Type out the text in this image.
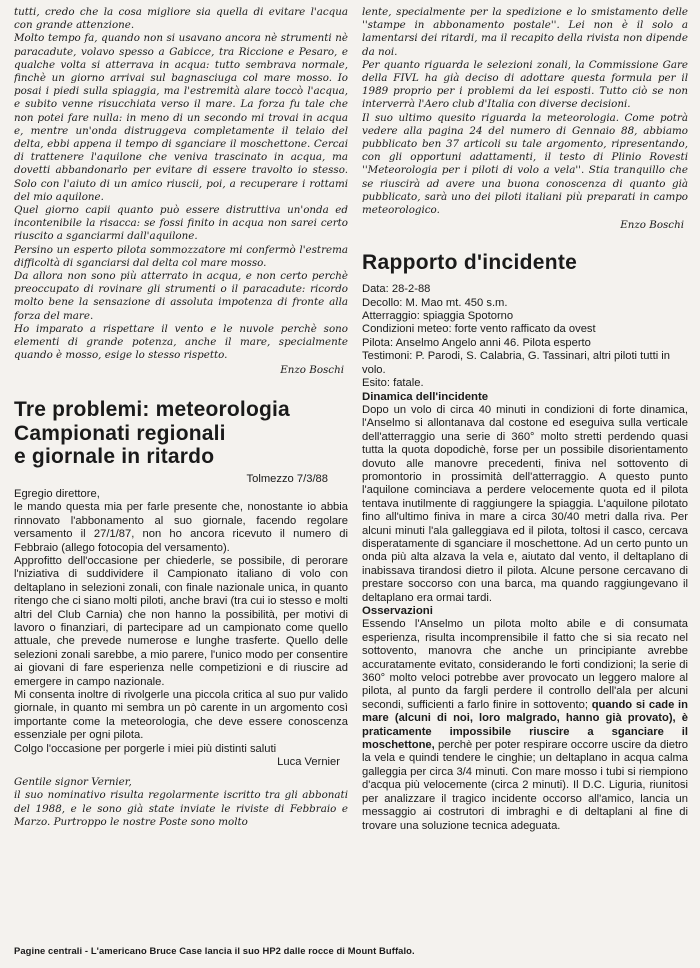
tutti, credo che la cosa migliore sia quella di evitare l'acqua con grande attenzione.

Molto tempo fa, quando non si usavano ancora nè strumenti nè paracadute, volavo spesso a Gabicce, tra Riccione e Pesaro, e qualche volta si atterrava in acqua: tutto sembrava normale, finchè un giorno arrivai sul bagnasciuga col mare mosso. Io posai i piedi sulla spiaggia, ma l'estremità alare toccò l'acqua, e subito venne risucchiata verso il mare. La forza fu tale che non potei fare nulla: in meno di un secondo mi trovai in acqua e, mentre un'onda distruggeva completamente il telaio del delta, ebbi appena il tempo di sganciare il moschettone. Cercai di trattenere l'aquilone che veniva trascinato in acqua, ma dovetti abbandonarlo per evitare di essere travolto io stesso. Solo con l'aiuto di un amico riuscii, poi, a recuperare i rottami del mio aquilone.

Quel giorno capii quanto può essere distruttiva un'onda ed incontenibile la risacca: se fossi finito in acqua non sarei certo riuscito a sganciarmi dall'aquilone.

Persino un esperto pilota sommozzatore mi confermò l'estrema difficoltà di sganciarsi dal delta col mare mosso.

Da allora non sono più atterrato in acqua, e non certo perchè preoccupato di rovinare gli strumenti o il paracadute: ricordo molto bene la sensazione di assoluta impotenza di fronte alla forza del mare.

Ho imparato a rispettare il vento e le nuvole perchè sono elementi di grande potenza, anche il mare, specialmente quando è mosso, esige lo stesso rispetto.

Enzo Boschi

Tre problemi: meteorologia
Campionati regionali
e giornale in ritardo

Tolmezzo 7/3/88

Egregio direttore,

le mando questa mia per farle presente che, nonostante io abbia rinnovato l'abbonamento al suo giornale, facendo regolare versamento il 27/1/87, non ho ancora ricevuto il numero di Febbraio (allego fotocopia del versamento).

Approfitto dell'occasione per chiederle, se possibile, di perorare l'niziativa di suddividere il Campionato italiano di volo con deltaplano in selezioni zonali, con finale nazionale unica, in quanto ritengo che ci siano molti piloti, anche bravi (tra cui io stesso e molti altri del Club Carnia) che non hanno la possibilità, per motivi di lavoro o finanziari, di partecipare ad un campionato come quello attuale, che prevede numerose e lunghe trasferte. Quello delle selezioni zonali sarebbe, a mio parere, l'unico modo per consentire ai giovani di fare esperienza nelle competizioni e di riuscire ad emergere in campo nazionale.

Mi consenta inoltre di rivolgerle una piccola critica al suo pur valido giornale, in quanto mi sembra un pò carente in un argomento così importante come la meteorologia, che deve essere conoscenza essenziale per ogni pilota.

Colgo l'occasione per porgerle i miei più distinti saluti

Luca Vernier

Gentile signor Vernier,

il suo nominativo risulta regolarmente iscritto tra gli abbonati del 1988, e le sono già state inviate le riviste di Febbraio e Marzo. Purtroppo le nostre Poste sono molto

lente, specialmente per la spedizione e lo smistamento delle ''stampe in abbonamento postale''. Lei non è il solo a lamentarsi dei ritardi, ma il recapito della rivista non dipende da noi.

Per quanto riguarda le selezioni zonali, la Commissione Gare della FIVL ha già deciso di adottare questa formula per il 1989 proprio per i problemi da lei esposti. Tutto ciò se non interverrà l'Aero club d'Italia con diverse decisioni.

Il suo ultimo quesito riguarda la meteorologia. Come potrà vedere alla pagina 24 del numero di Gennaio 88, abbiamo pubblicato ben 37 articoli su tale argomento, ripresentando, con gli opportuni adattamenti, il testo di Plinio Rovesti ''Meteorologia per i piloti di volo a vela''. Stia tranquillo che se riuscirà ad avere una buona conoscenza di quanto già pubblicato, sarà uno dei piloti italiani più preparati in campo meteorologico.

Enzo Boschi

Rapporto d'incidente

Data: 28-2-88

Decollo: M. Mao mt. 450 s.m.

Atterraggio: spiaggia Spotorno

Condizioni meteo: forte vento rafficato da ovest

Pilota: Anselmo Angelo anni 46. Pilota esperto

Testimoni: P. Parodi, S. Calabria, G. Tassinari, altri piloti tutti in volo.

Esito: fatale.

Dinamica dell'incidente

Dopo un volo di circa 40 minuti in condizioni di forte dinamica, l'Anselmo si allontanava dal costone ed eseguiva sulla verticale dell'atterraggio una serie di 360° molto stretti perdendo quasi tutta la quota dopodichè, forse per un possibile disorientamento dovuto alle manovre precedenti, finiva nel sottovento di promontorio in prossimità dell'atterraggio. A questo punto l'aquilone cominciava a perdere velocemente quota ed il pilota tentava inutilmente di raggiungere la spiaggia. L'aquilone pilotato fino all'ultimo finiva in mare a circa 30/40 metri dalla riva. Per alcuni minuti l'ala galleggiava ed il pilota, toltosi il casco, cercava disperatamente di sganciare il moschettone. Ad un certo punto un onda più alta alzava la vela e, aiutato dal vento, il deltaplano di inabissava tirandosi dietro il pilota. Alcune persone cercavano di prestare soccorso con una barca, ma quando raggiungevano il deltaplano era ormai tardi.

Osservazioni

Essendo l'Anselmo un pilota molto abile e di consumata esperienza, risulta incomprensibile il fatto che si sia recato nel sottovento, manovra che anche un principiante avrebbe accuratamente evitato, considerando le forti condizioni; la serie di 360° molto veloci potrebbe aver provocato un leggero malore al pilota, al punto da fargli perdere il controllo dell'ala per alcuni secondi, sufficienti a farlo finire in sottovento; quando si cade in mare (alcuni di noi, loro malgrado, hanno già provato), è praticamente impossibile riuscire a sganciare il moschettone, perchè per poter respirare occorre uscire da dietro la vela e quindi tendere le cinghie; un deltaplano in acqua calma galleggia per circa 3/4 minuti. Con mare mosso i tubi si riempiono d'acqua più velocemente (circa 2 minuti). Il D.C. Liguria, riunitosi per analizzare il tragico incidente occorso all'amico, lancia un messaggio ai costrutori di imbraghi e di deltaplani al fine di trovare una soluzione tecnica adeguata.

Pagine centrali - L'americano Bruce Case lancia il suo HP2 dalle rocce di Mount Buffalo.
